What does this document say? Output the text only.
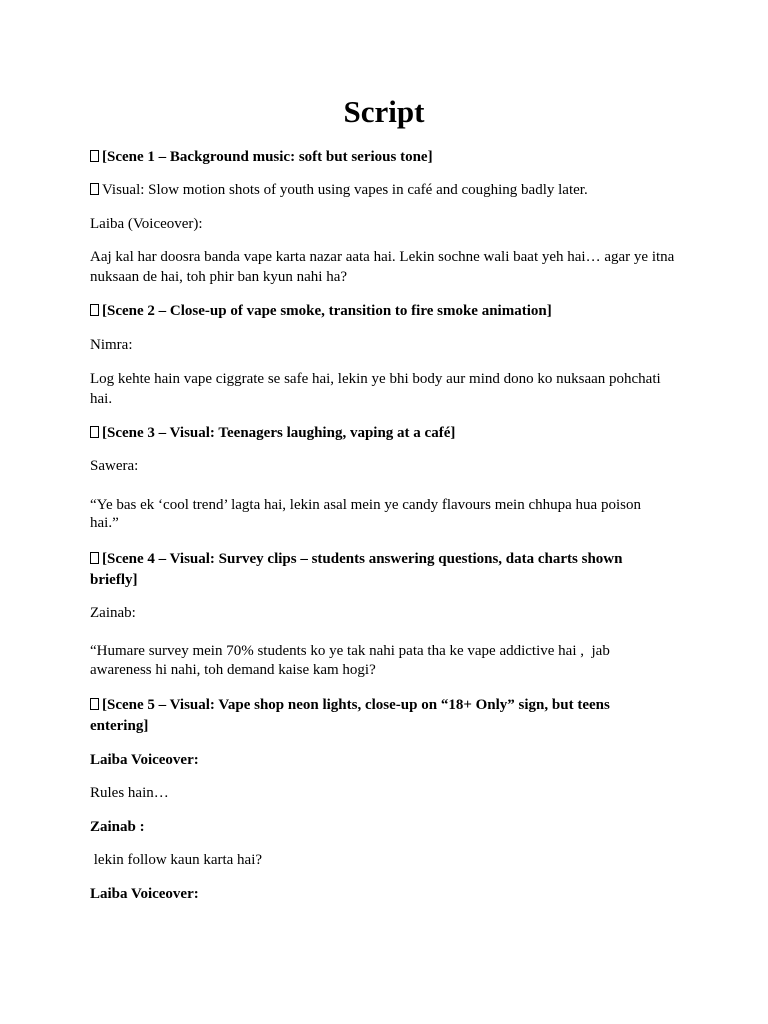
Script
[Scene 1 – Background music: soft but serious tone]
Visual: Slow motion shots of youth using vapes in café and coughing badly later.
Laiba (Voiceover):
Aaj kal har doosra banda vape karta nazar aata hai. Lekin sochne wali baat yeh hai… agar ye itna
nuksaan de hai, toh phir ban kyun nahi ha?
[Scene 2 – Close-up of vape smoke, transition to fire smoke animation]
Nimra:
Log kehte hain vape ciggrate se safe hai, lekin ye bhi body aur mind dono ko nuksaan pohchati
hai.
[Scene 3 – Visual: Teenagers laughing, vaping at a café]
Sawera:
“Ye bas ek ‘cool trend’ lagta hai, lekin asal mein ye candy flavours mein chhupa hua poison
hai.”
[Scene 4 – Visual: Survey clips – students answering questions, data charts shown
briefly]
Zainab:
“Humare survey mein 70% students ko ye tak nahi pata tha ke vape addictive hai ,  jab
awareness hi nahi, toh demand kaise kam hogi?
[Scene 5 – Visual: Vape shop neon lights, close-up on “18+ Only” sign, but teens
entering]
Laiba Voiceover:
Rules hain…
Zainab :
lekin follow kaun karta hai?
Laiba Voiceover:
